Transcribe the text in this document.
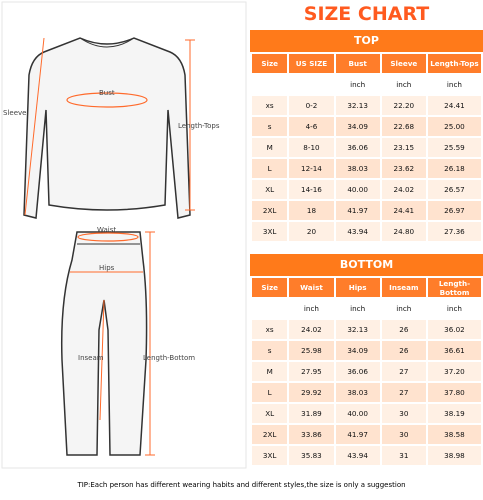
Bust
Sleeve
Length-Tops
Waist
Hips
Inseam	Length-Bottom
SIZE CHART
TOP
Size	US SIZE	Bust	Sleeve	Length-Tops
		inch	inch	inch
xs	0-2	32.13	22.20	24.41
s	4-6	34.09	22.68	25.00
M	8-10	36.06	23.15	25.59
L	12-14	38.03	23.62	26.18
XL	14-16	40.00	24.02	26.57
2XL	18	41.97	24.41	26.97
3XL	20	43.94	24.80	27.36
BOTTOM
Size	Waist	Hips	Inseam	Length-Bottom
	inch	inch	inch	inch
xs	24.02	32.13	26	36.02
s	25.98	34.09	26	36.61
M	27.95	36.06	27	37.20
L	29.92	38.03	27	37.80
XL	31.89	40.00	30	38.19
2XL	33.86	41.97	30	38.58
3XL	35.83	43.94	31	38.98
TIP:Each person has different wearing habits and different styles,the size is only a suggestion
